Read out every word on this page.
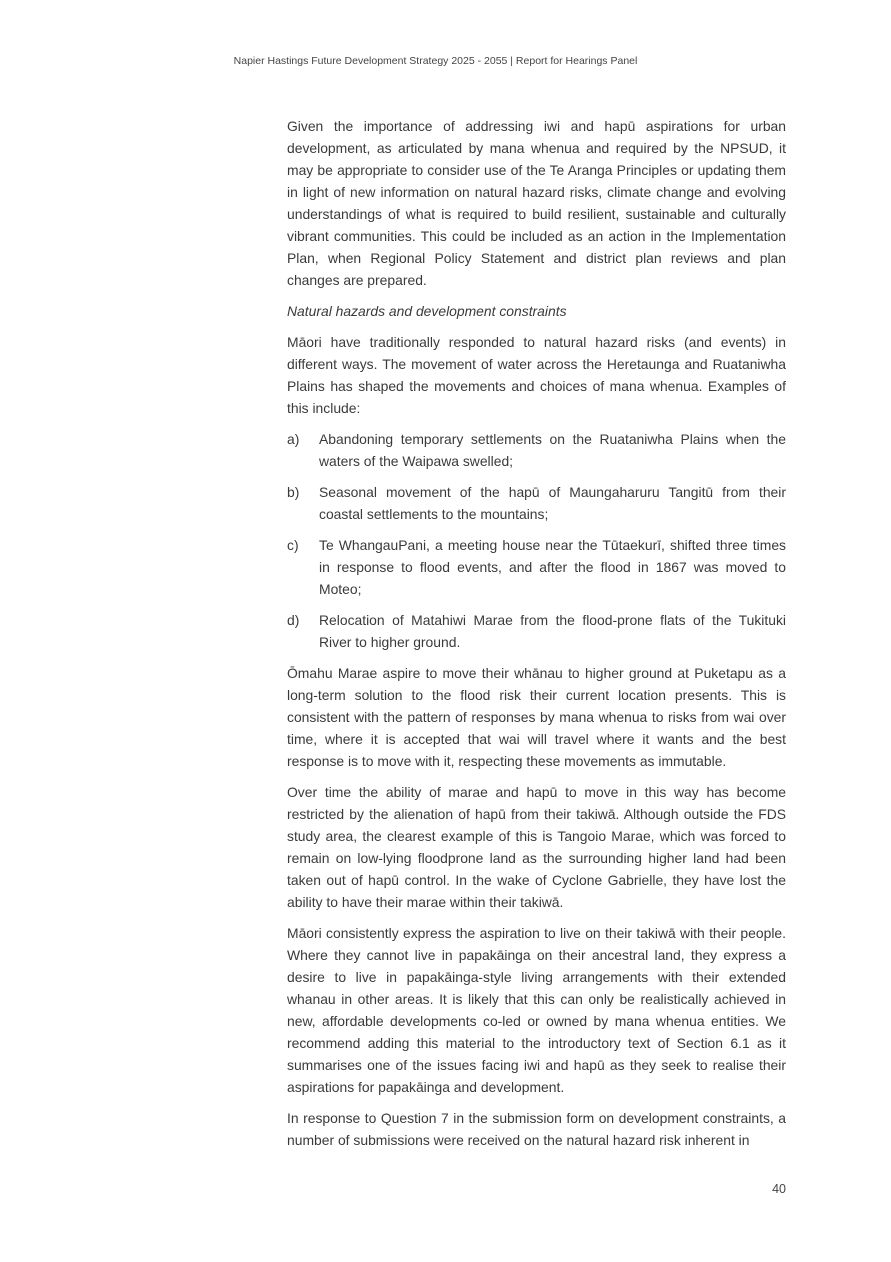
Napier Hastings Future Development Strategy 2025 - 2055 | Report for Hearings Panel

Given the importance of addressing iwi and hapū aspirations for urban development, as articulated by mana whenua and required by the NPSUD, it may be appropriate to consider use of the Te Aranga Principles or updating them in light of new information on natural hazard risks, climate change and evolving understandings of what is required to build resilient, sustainable and culturally vibrant communities. This could be included as an action in the Implementation Plan, when Regional Policy Statement and district plan reviews and plan changes are prepared.

Natural hazards and development constraints

Māori have traditionally responded to natural hazard risks (and events) in different ways. The movement of water across the Heretaunga and Ruataniwha Plains has shaped the movements and choices of mana whenua. Examples of this include:

a) Abandoning temporary settlements on the Ruataniwha Plains when the waters of the Waipawa swelled;
b) Seasonal movement of the hapū of Maungaharuru Tangitū from their coastal settlements to the mountains;
c) Te WhangauPani, a meeting house near the Tūtaekurī, shifted three times in response to flood events, and after the flood in 1867 was moved to Moteo;
d) Relocation of Matahiwi Marae from the flood-prone flats of the Tukituki River to higher ground.

Ōmahu Marae aspire to move their whānau to higher ground at Puketapu as a long-term solution to the flood risk their current location presents. This is consistent with the pattern of responses by mana whenua to risks from wai over time, where it is accepted that wai will travel where it wants and the best response is to move with it, respecting these movements as immutable.

Over time the ability of marae and hapū to move in this way has become restricted by the alienation of hapū from their takiwā. Although outside the FDS study area, the clearest example of this is Tangoio Marae, which was forced to remain on low-lying floodprone land as the surrounding higher land had been taken out of hapū control. In the wake of Cyclone Gabrielle, they have lost the ability to have their marae within their takiwā.

Māori consistently express the aspiration to live on their takiwā with their people. Where they cannot live in papakāinga on their ancestral land, they express a desire to live in papakāinga-style living arrangements with their extended whanau in other areas. It is likely that this can only be realistically achieved in new, affordable developments co-led or owned by mana whenua entities. We recommend adding this material to the introductory text of Section 6.1 as it summarises one of the issues facing iwi and hapū as they seek to realise their aspirations for papakāinga and development.

In response to Question 7 in the submission form on development constraints, a number of submissions were received on the natural hazard risk inherent in

40
